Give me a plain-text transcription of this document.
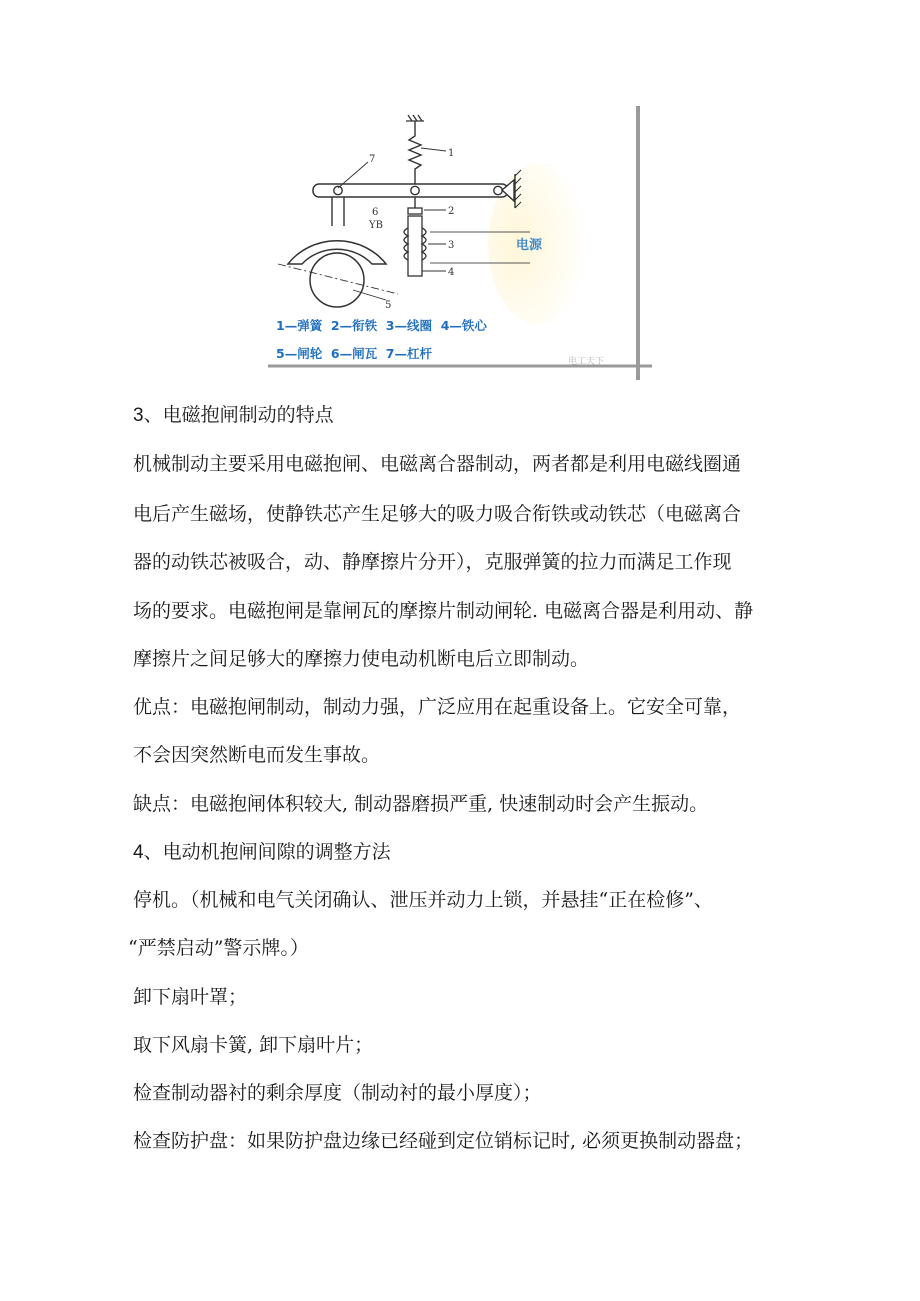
1
2
3
4
5
6
7
YB
电源
1—弹簧  2—衔铁  3—线圈  4—铁心
5—闸轮  6—闸瓦  7—杠杆
电工天下
3、电磁抱闸制动的特点
机械制动主要采用电磁抱闸、电磁离合器制动，两者都是利用电磁线圈通
电后产生磁场，使静铁芯产生足够大的吸力吸合衔铁或动铁芯（电磁离合
器的动铁芯被吸合，动、静摩擦片分开），克服弹簧的拉力而满足工作现
场的要求。电磁抱闸是靠闸瓦的摩擦片制动闸轮. 电磁离合器是利用动、静
摩擦片之间足够大的摩擦力使电动机断电后立即制动。
优点：电磁抱闸制动，制动力强，广泛应用在起重设备上。它安全可靠，
不会因突然断电而发生事故。
缺点：电磁抱闸体积较大, 制动器磨损严重, 快速制动时会产生振动。
4、电动机抱闸间隙的调整方法
停机。（机械和电气关闭确认、泄压并动力上锁，并悬挂“正在检修”、
“严禁启动”警示牌。）
卸下扇叶罩；
取下风扇卡簧, 卸下扇叶片；
检查制动器衬的剩余厚度（制动衬的最小厚度）；
检查防护盘：如果防护盘边缘已经碰到定位销标记时, 必须更换制动器盘；
